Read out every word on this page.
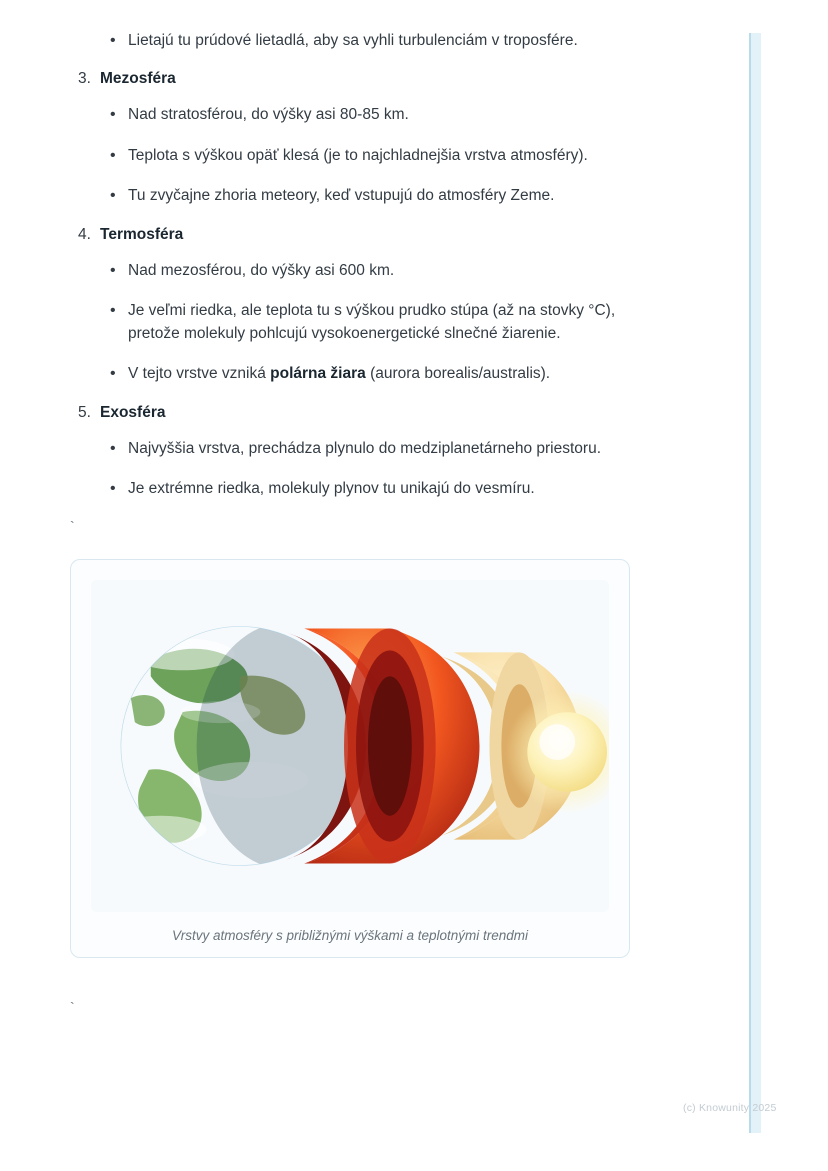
• Lietajú tu prúdové lietadlá, aby sa vyhli turbulenciám v troposfére.
3. Mezosféra
• Nad stratosférou, do výšky asi 80-85 km.
• Teplota s výškou opäť klesá (je to najchladnejšia vrstva atmosféry).
• Tu zvyčajne zhoria meteory, keď vstupujú do atmosféry Zeme.
4. Termosféra
• Nad mezosférou, do výšky asi 600 km.
• Je veľmi riedka, ale teplota tu s výškou prudko stúpa (až na stovky °C), pretože molekuly pohlcujú vysokoenergetické slnečné žiarenie.
• V tejto vrstve vzniká polárna žiara (aurora borealis/australis).
5. Exosféra
• Najvyššia vrstva, prechádza plynulo do medziplanetárneho priestoru.
• Je extrémne riedka, molekuly plynov tu unikajú do vesmíru.

`

Vrstvy atmosféry s približnými výškami a teplotnými trendmi

`

(c) Knowunity 2025
